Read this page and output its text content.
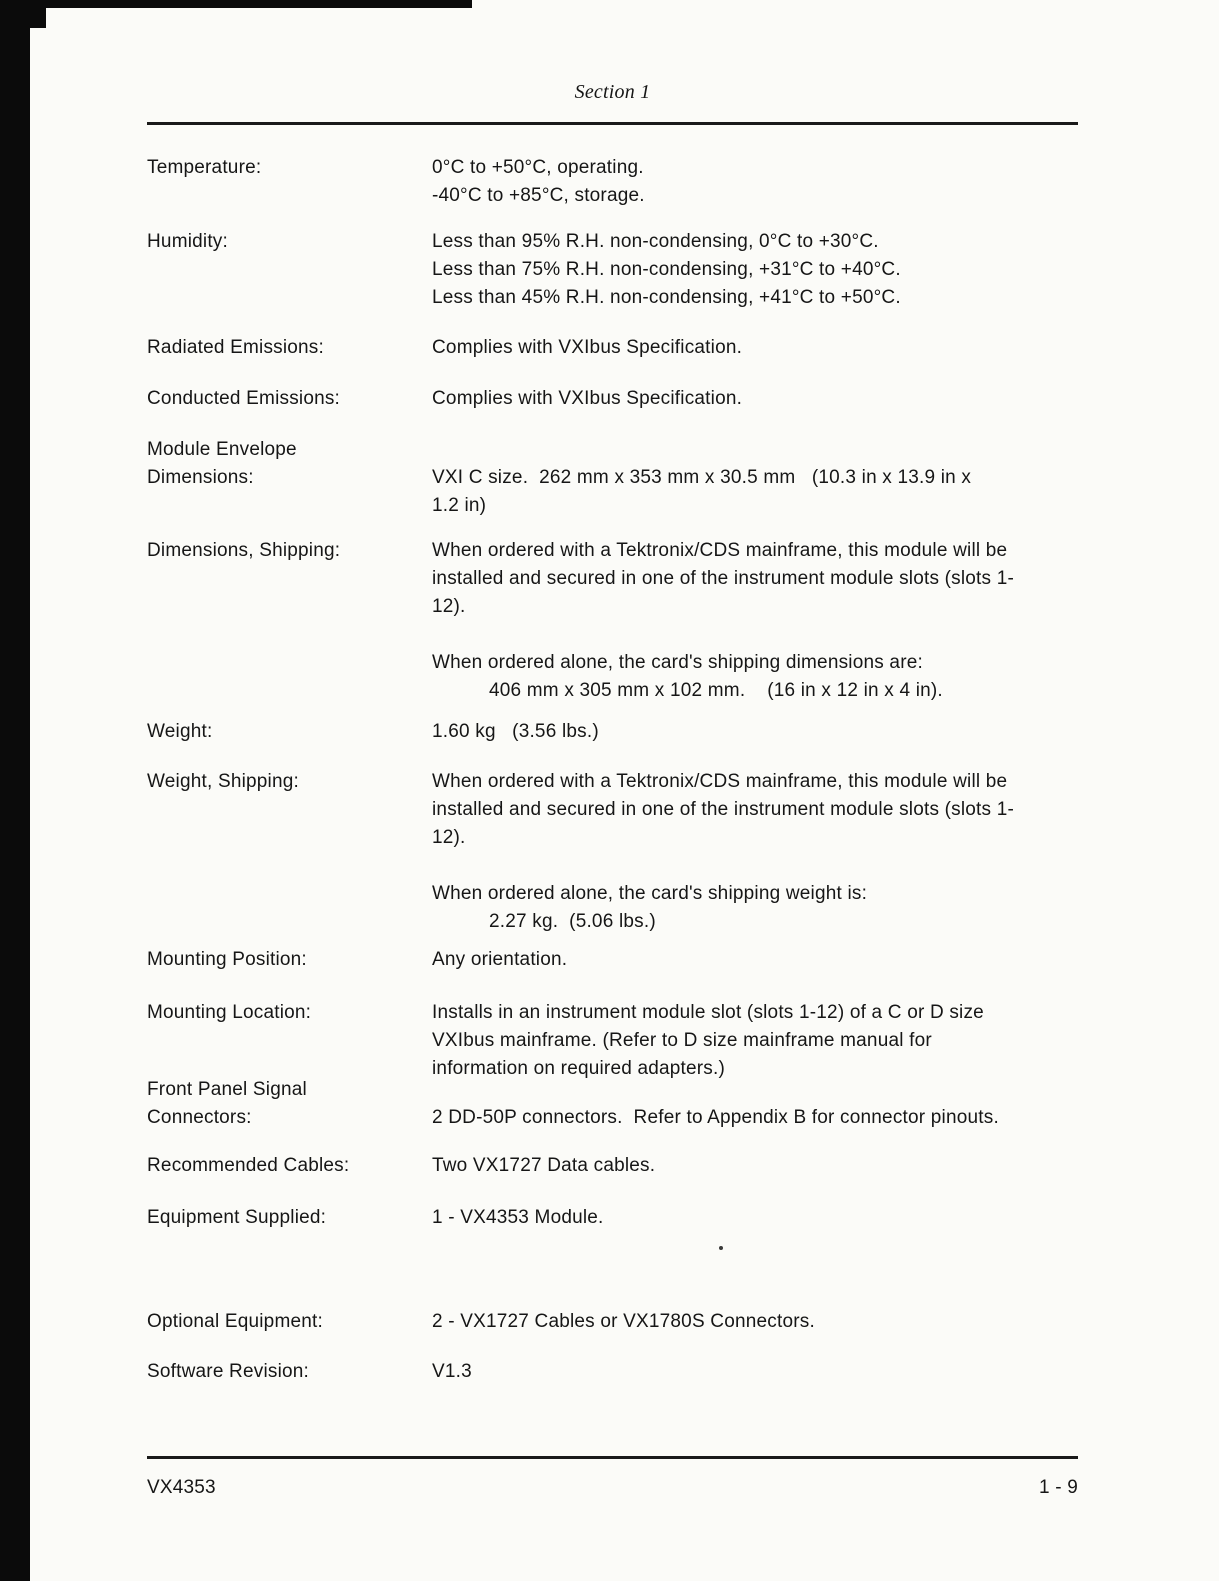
Section 1
Temperature:	0°C to +50°C, operating.
-40°C to +85°C, storage.
Humidity:	Less than 95% R.H. non-condensing, 0°C to +30°C.
Less than 75% R.H. non-condensing, +31°C to +40°C.
Less than 45% R.H. non-condensing, +41°C to +50°C.
Radiated Emissions:	Complies with VXIbus Specification.
Conducted Emissions:	Complies with VXIbus Specification.
Module Envelope
Dimensions:	VXI C size.  262 mm x 353 mm x 30.5 mm   (10.3 in x 13.9 in x
1.2 in)
Dimensions, Shipping:	When ordered with a Tektronix/CDS mainframe, this module will be
installed and secured in one of the instrument module slots (slots 1-
12).
When ordered alone, the card's shipping dimensions are:
406 mm x 305 mm x 102 mm.    (16 in x 12 in x 4 in).
Weight:	1.60 kg   (3.56 lbs.)
Weight, Shipping:	When ordered with a Tektronix/CDS mainframe, this module will be
installed and secured in one of the instrument module slots (slots 1-
12).
When ordered alone, the card's shipping weight is:
2.27 kg.  (5.06 lbs.)
Mounting Position:	Any orientation.
Mounting Location:	Installs in an instrument module slot (slots 1-12) of a C or D size
VXIbus mainframe. (Refer to D size mainframe manual for
information on required adapters.)
Front Panel Signal
Connectors:	2 DD-50P connectors.  Refer to Appendix B for connector pinouts.
Recommended Cables:	Two VX1727 Data cables.
Equipment Supplied:	1 - VX4353 Module.
Optional Equipment:	2 - VX1727 Cables or VX1780S Connectors.
Software Revision:	V1.3
VX4353	1 - 9
